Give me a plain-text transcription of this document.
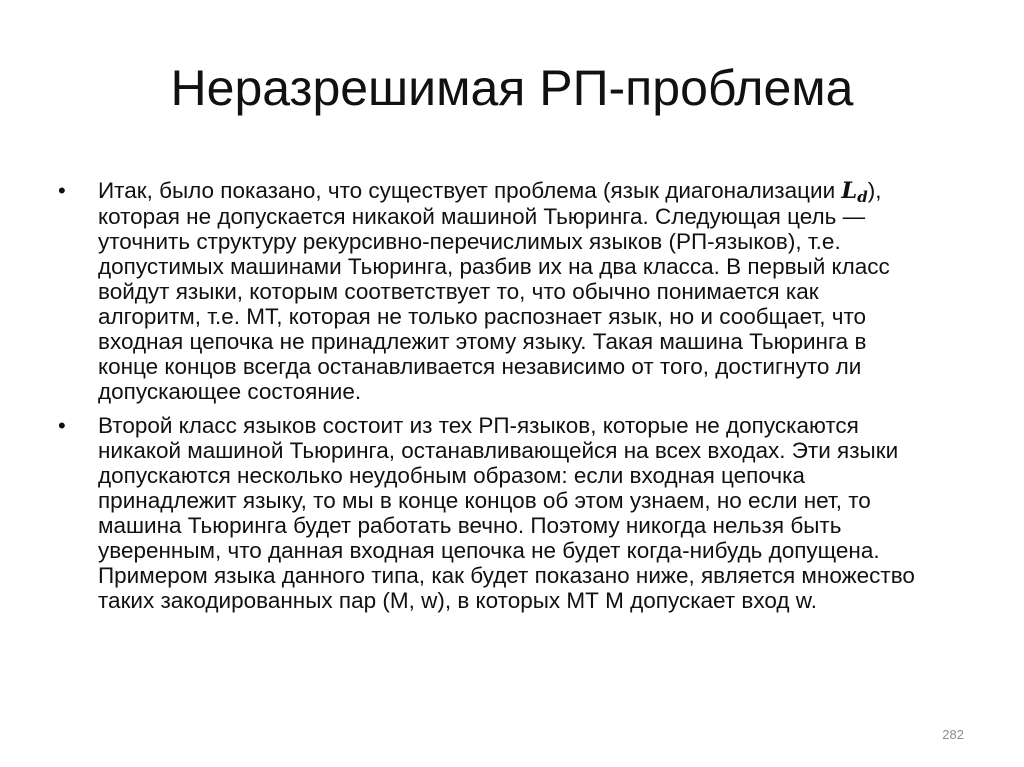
Неразрешимая РП-проблема
• Итак, было показано, что существует проблема (язык диагонализации $L_d$),
которая не допускается никакой машиной Тьюринга. Следующая цель —
уточнить структуру рекурсивно-перечислимых языков (РП-языков), т.е.
допустимых машинами Тьюринга, разбив их на два класса. В первый класс
войдут языки, которым соответствует то, что обычно понимается как
алгоритм, т.е. МТ, которая не только распознает язык, но и сообщает, что
входная цепочка не принадлежит этому языку. Такая машина Тьюринга в
конце концов всегда останавливается независимо от того, достигнуто ли
допускающее состояние.
• Второй класс языков состоит из тех РП-языков, которые не допускаются
никакой машиной Тьюринга, останавливающейся на всех входах. Эти языки
допускаются несколько неудобным образом: если входная цепочка
принадлежит языку, то мы в конце концов об этом узнаем, но если нет, то
машина Тьюринга будет работать вечно. Поэтому никогда нельзя быть
уверенным, что данная входная цепочка не будет когда-нибудь допущена.
Примером языка данного типа, как будет показано ниже, является множество
таких закодированных пар (M, w), в которых МТ M допускает вход w.
282
